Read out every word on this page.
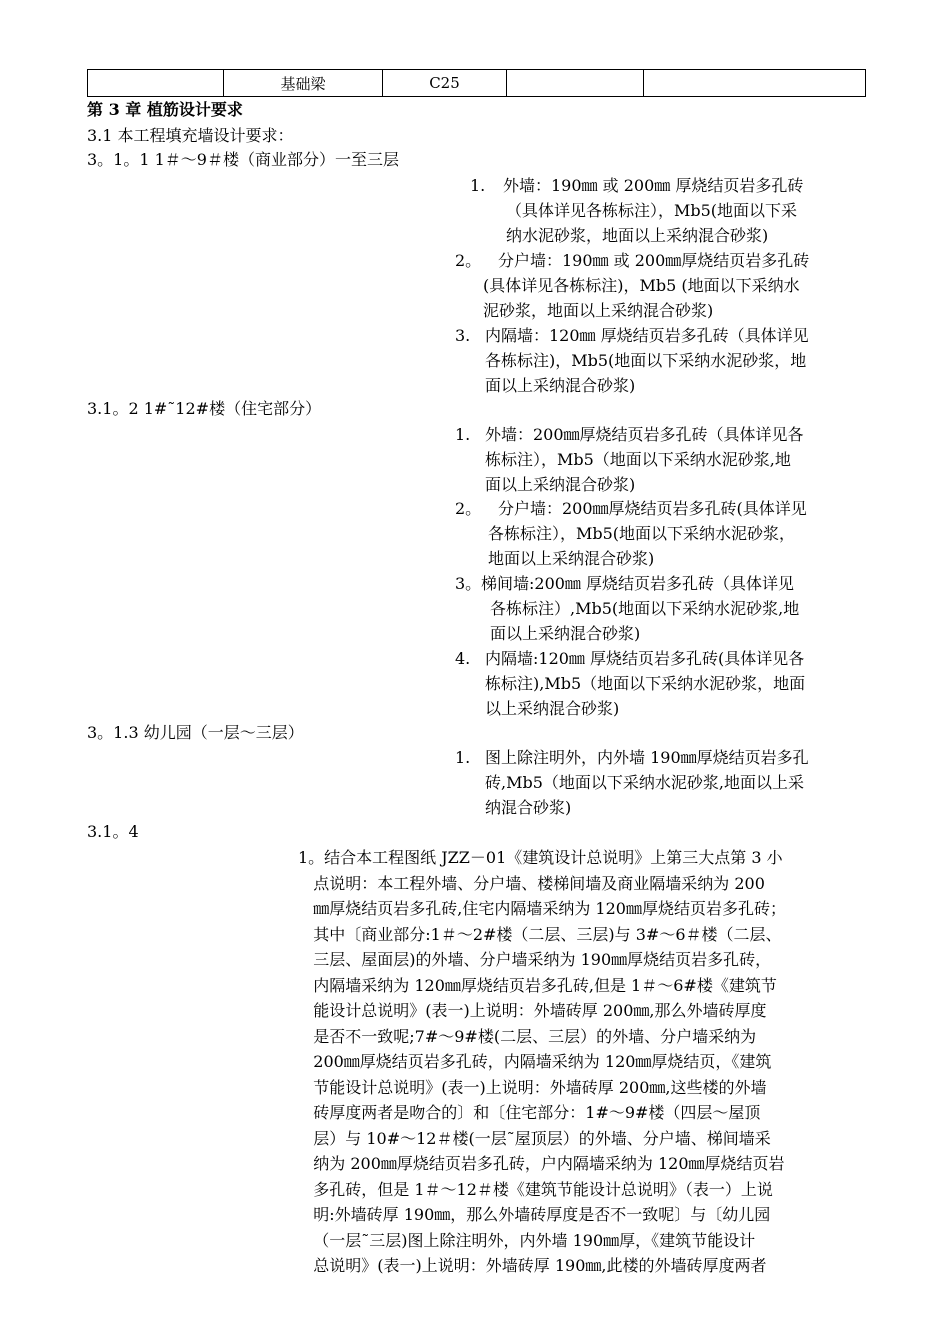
	基础梁	C25		
第 3 章 植筋设计要求
3.1 本工程填充墙设计要求：
3。1。1 1＃～9＃楼（商业部分）一至三层
1. 外墙：190㎜ 或 200㎜ 厚烧结页岩多孔砖
（具体详见各栋标注），Mb5(地面以下采
纳水泥砂浆，地面以上采纳混合砂浆)
2。 分户墙：190㎜ 或 200㎜厚烧结页岩多孔砖
(具体详见各栋标注)，Mb5 (地面以下采纳水
泥砂浆，地面以上采纳混合砂浆)
3. 内隔墙：120㎜ 厚烧结页岩多孔砖（具体详见
各栋标注)，Mb5(地面以下采纳水泥砂浆，地
面以上采纳混合砂浆)
3.1。2 1#˜12#楼（住宅部分）
1. 外墙：200㎜厚烧结页岩多孔砖（具体详见各
栋标注），Mb5（地面以下采纳水泥砂浆,地
面以上采纳混合砂浆)
2。 分户墙：200㎜厚烧结页岩多孔砖(具体详见
各栋标注），Mb5(地面以下采纳水泥砂浆，
地面以上采纳混合砂浆)
3。 梯间墙:200㎜ 厚烧结页岩多孔砖（具体详见
各栋标注）,Mb5(地面以下采纳水泥砂浆,地
面以上采纳混合砂浆)
4. 内隔墙:120㎜ 厚烧结页岩多孔砖(具体详见各
栋标注),Mb5（地面以下采纳水泥砂浆，地面
以上采纳混合砂浆)
3。1.3 幼儿园（一层～三层）
1. 图上除注明外，内外墙 190㎜厚烧结页岩多孔
砖,Mb5（地面以下采纳水泥砂浆,地面以上采
纳混合砂浆)
3.1。4
1。结合本工程图纸 JZZ－01《建筑设计总说明》上第三大点第 3 小
点说明：本工程外墙、分户墙、楼梯间墙及商业隔墙采纳为 200
㎜厚烧结页岩多孔砖,住宅内隔墙采纳为 120㎜厚烧结页岩多孔砖；
其中〔商业部分:1＃～2#楼（二层、三层)与 3#～6＃楼（二层、
三层、屋面层)的外墙、分户墙采纳为 190㎜厚烧结页岩多孔砖，
内隔墙采纳为 120㎜厚烧结页岩多孔砖,但是 1＃～6#楼《建筑节
能设计总说明》(表一)上说明：外墙砖厚 200㎜,那么外墙砖厚度
是否不一致呢;7#～9#楼(二层、三层）的外墙、分户墙采纳为
200㎜厚烧结页岩多孔砖，内隔墙采纳为 120㎜厚烧结页，《建筑
节能设计总说明》(表一)上说明：外墙砖厚 200㎜,这些楼的外墙
砖厚度两者是吻合的〕和〔住宅部分：1#～9#楼（四层～屋顶
层）与 10#～12＃楼(一层˜屋顶层）的外墙、分户墙、梯间墙采
纳为 200㎜厚烧结页岩多孔砖，户内隔墙采纳为 120㎜厚烧结页岩
多孔砖，但是 1＃～12＃楼《建筑节能设计总说明》（表一）上说
明:外墙砖厚 190㎜，那么外墙砖厚度是否不一致呢〕与〔幼儿园
（一层˜三层)图上除注明外，内外墙 190㎜厚，《建筑节能设计
总说明》(表一)上说明：外墙砖厚 190㎜,此楼的外墙砖厚度两者
